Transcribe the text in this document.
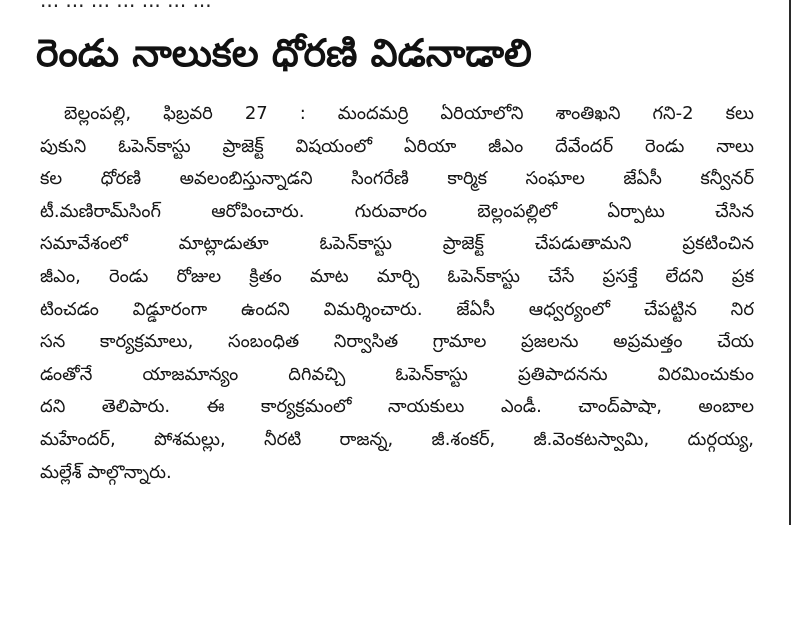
... ... ... ... ... ... ...
రెండు నాలుకల ధోరణి విడనాడాలి
బెల్లంపల్లి, ఫిబ్రవరి 27 : మందమర్రి ఏరియాలోని శాంతిఖని గని-2 కలు
పుకుని ఓపెన్‌కాస్టు ప్రాజెక్ట్ విషయంలో ఏరియా జీఎం దేవేందర్ రెండు నాలు
కల ధోరణి అవలంబిస్తున్నాడని సింగరేణి కార్మిక సంఘాల జేఏసీ కన్వీనర్
టీ.మణిరామ్‌సింగ్ ఆరోపించారు. గురువారం బెల్లంపల్లిలో ఏర్పాటు చేసిన
సమావేశంలో మాట్లాడుతూ ఓపెన్‌కాస్టు ప్రాజెక్ట్ చేపడుతామని ప్రకటించిన
జీఎం, రెండు రోజుల క్రితం మాట మార్చి ఓపెన్‌కాస్టు చేసే ప్రసక్తే లేదని ప్రక
టించడం విడ్డూరంగా ఉందని విమర్శించారు. జేఏసీ ఆధ్వర్యంలో చేపట్టిన నిర
సన కార్యక్రమాలు, సంబంధిత నిర్వాసిత గ్రామాల ప్రజలను అప్రమత్తం చేయ
డంతోనే యాజమాన్యం దిగివచ్చి ఓపెన్‌కాస్టు ప్రతిపాదనను విరమించుకుం
దని తెలిపారు. ఈ కార్యక్రమంలో నాయకులు ఎండీ. చాంద్‌పాషా, అంబాల
మహేందర్, పోశమల్లు, నీరటి రాజన్న, జీ.శంకర్, జీ.వెంకటస్వామి, దుర్గయ్య,
మల్లేశ్ పాల్గొన్నారు.
